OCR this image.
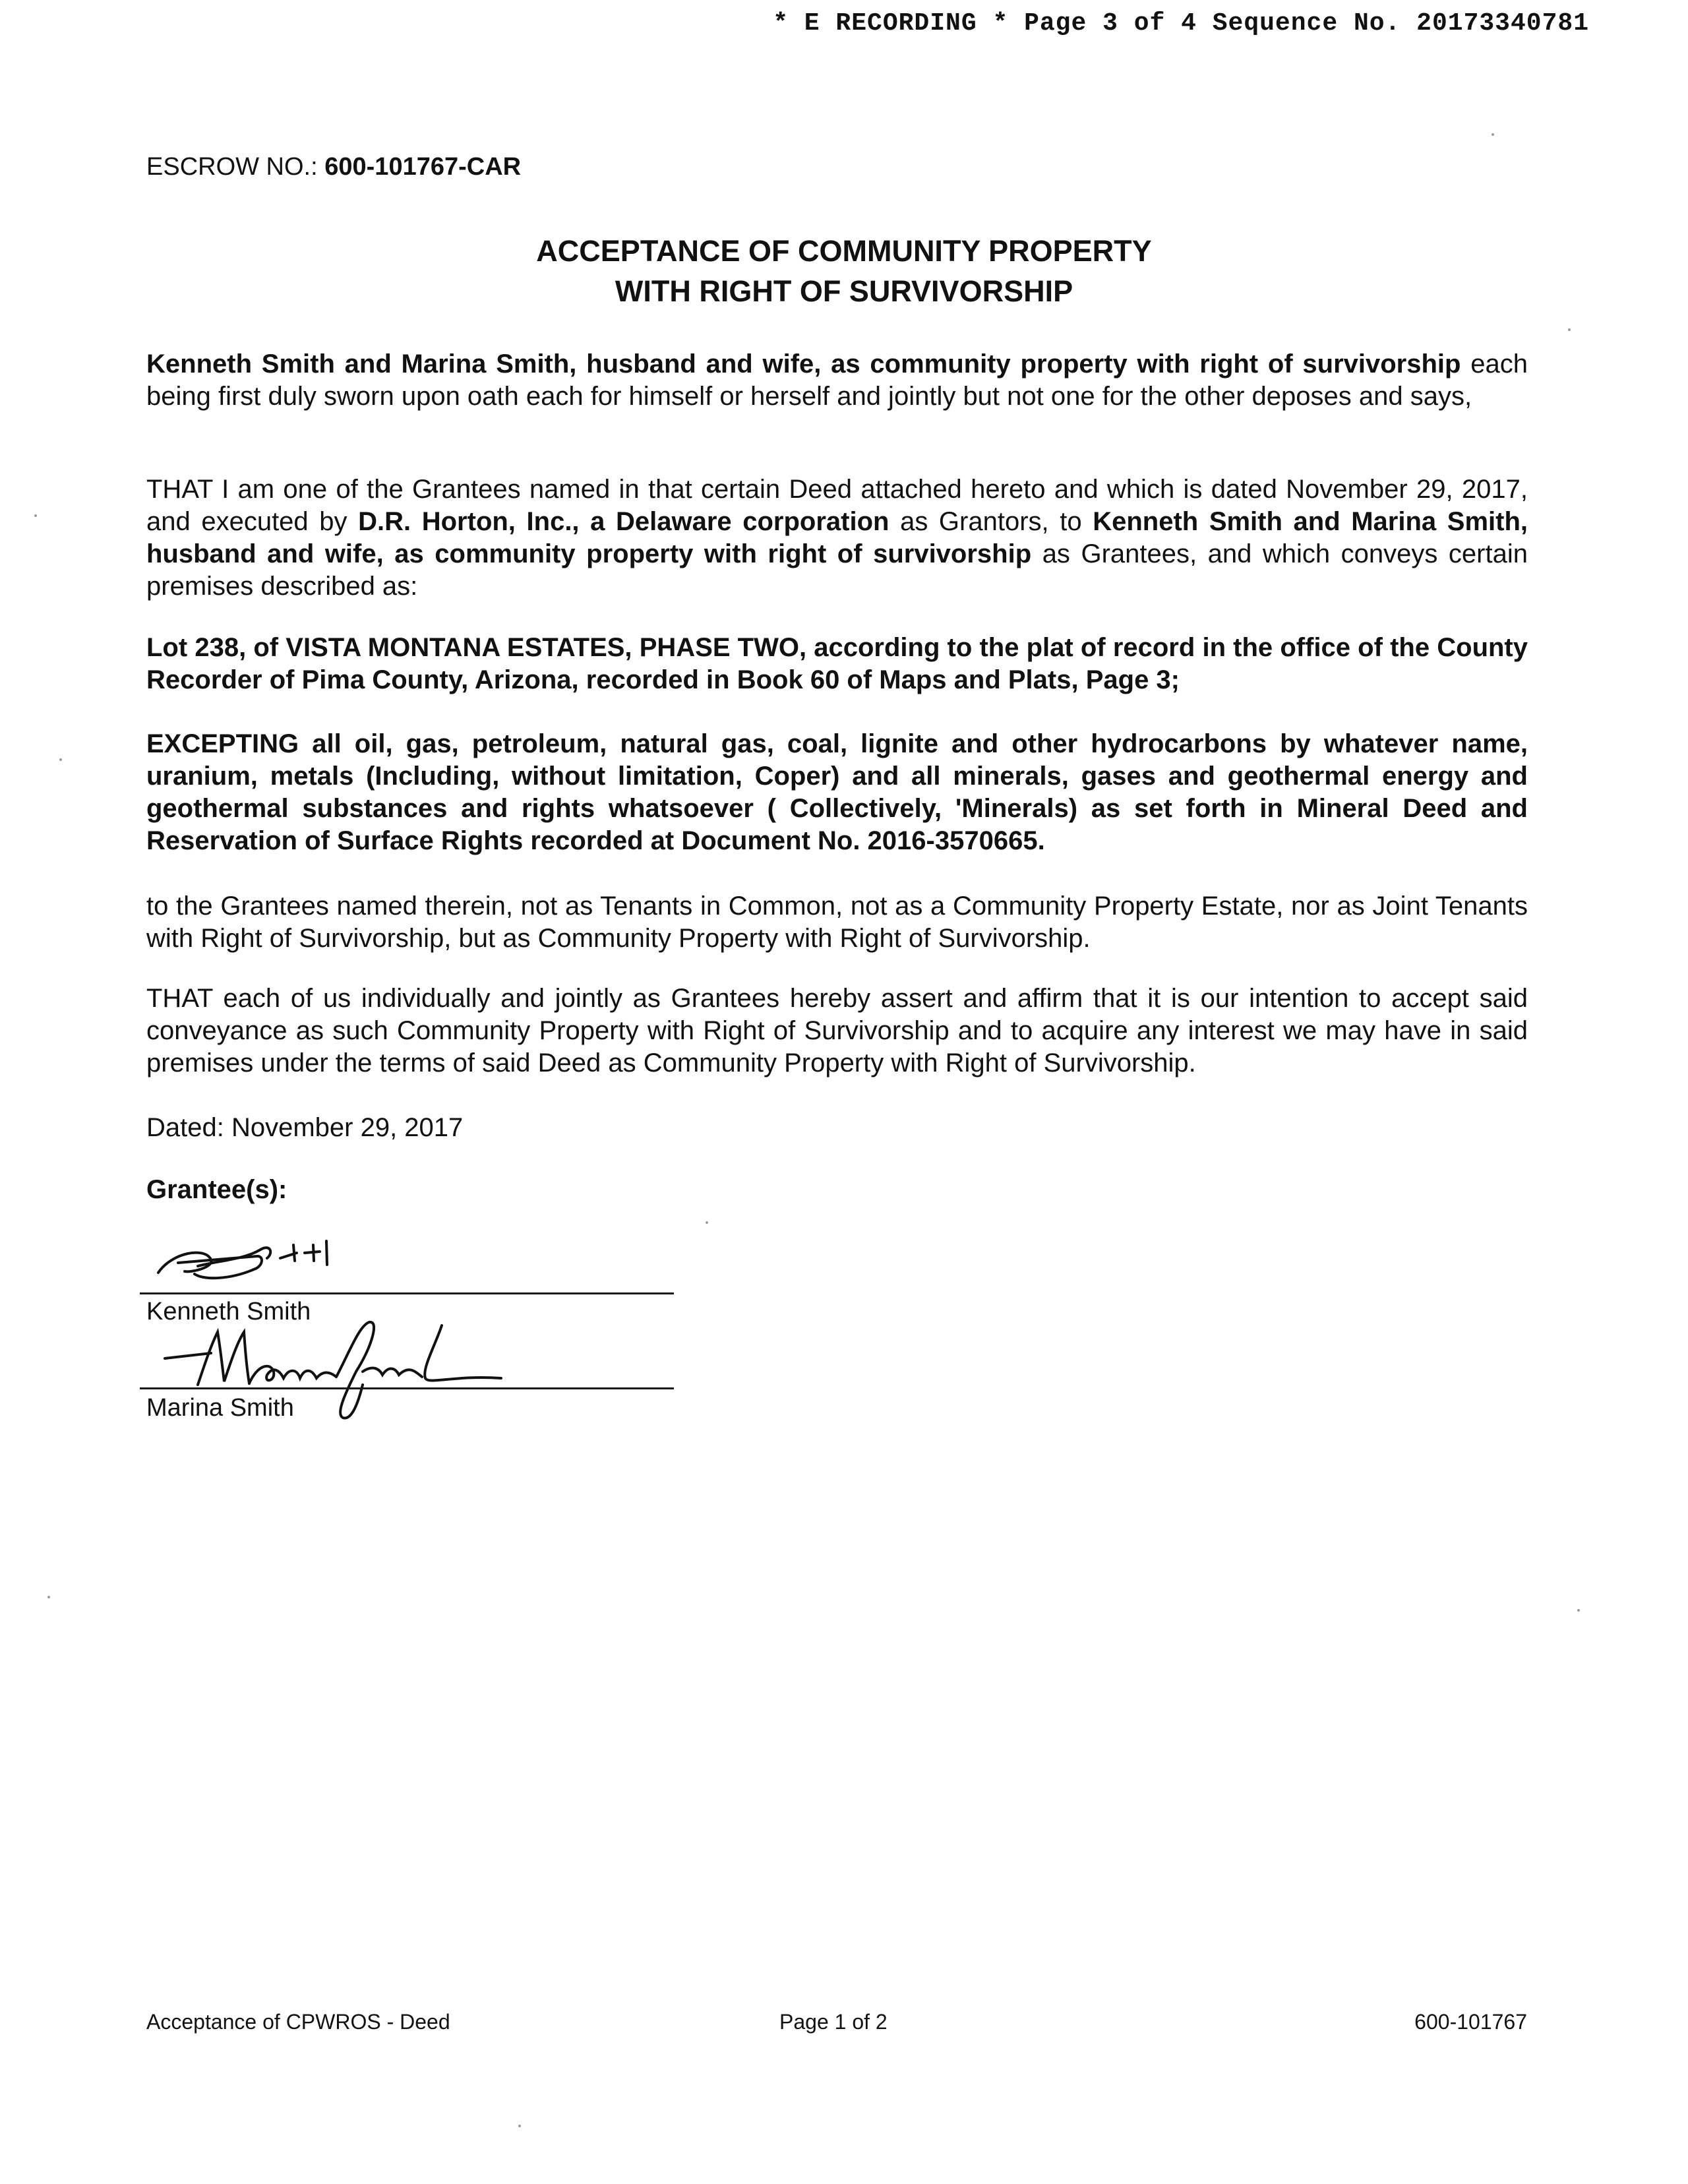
* E RECORDING * Page 3 of 4 Sequence No. 20173340781
ESCROW NO.: 600-101767-CAR
ACCEPTANCE OF COMMUNITY PROPERTY
WITH RIGHT OF SURVIVORSHIP
Kenneth Smith and Marina Smith, husband and wife, as community property with right of survivorship each being first duly sworn upon oath each for himself or herself and jointly but not one for the other deposes and says,
THAT I am one of the Grantees named in that certain Deed attached hereto and which is dated November 29, 2017, and executed by D.R. Horton, Inc., a Delaware corporation as Grantors, to Kenneth Smith and Marina Smith, husband and wife, as community property with right of survivorship as Grantees, and which conveys certain premises described as:
Lot 238, of VISTA MONTANA ESTATES, PHASE TWO, according to the plat of record in the office of the County Recorder of Pima County, Arizona, recorded in Book 60 of Maps and Plats, Page 3;
EXCEPTING all oil, gas, petroleum, natural gas, coal, lignite and other hydrocarbons by whatever name, uranium, metals (Including, without limitation, Coper) and all minerals, gases and geothermal energy and geothermal substances and rights whatsoever ( Collectively, 'Minerals) as set forth in Mineral Deed and Reservation of Surface Rights recorded at Document No. 2016-3570665.
to the Grantees named therein, not as Tenants in Common, not as a Community Property Estate, nor as Joint Tenants with Right of Survivorship, but as Community Property with Right of Survivorship.
THAT each of us individually and jointly as Grantees hereby assert and affirm that it is our intention to accept said conveyance as such Community Property with Right of Survivorship and to acquire any interest we may have in said premises under the terms of said Deed as Community Property with Right of Survivorship.
Dated: November 29, 2017
Grantee(s):
Kenneth Smith
Marina Smith
Acceptance of CPWROS - Deed	Page 1 of 2	600-101767
